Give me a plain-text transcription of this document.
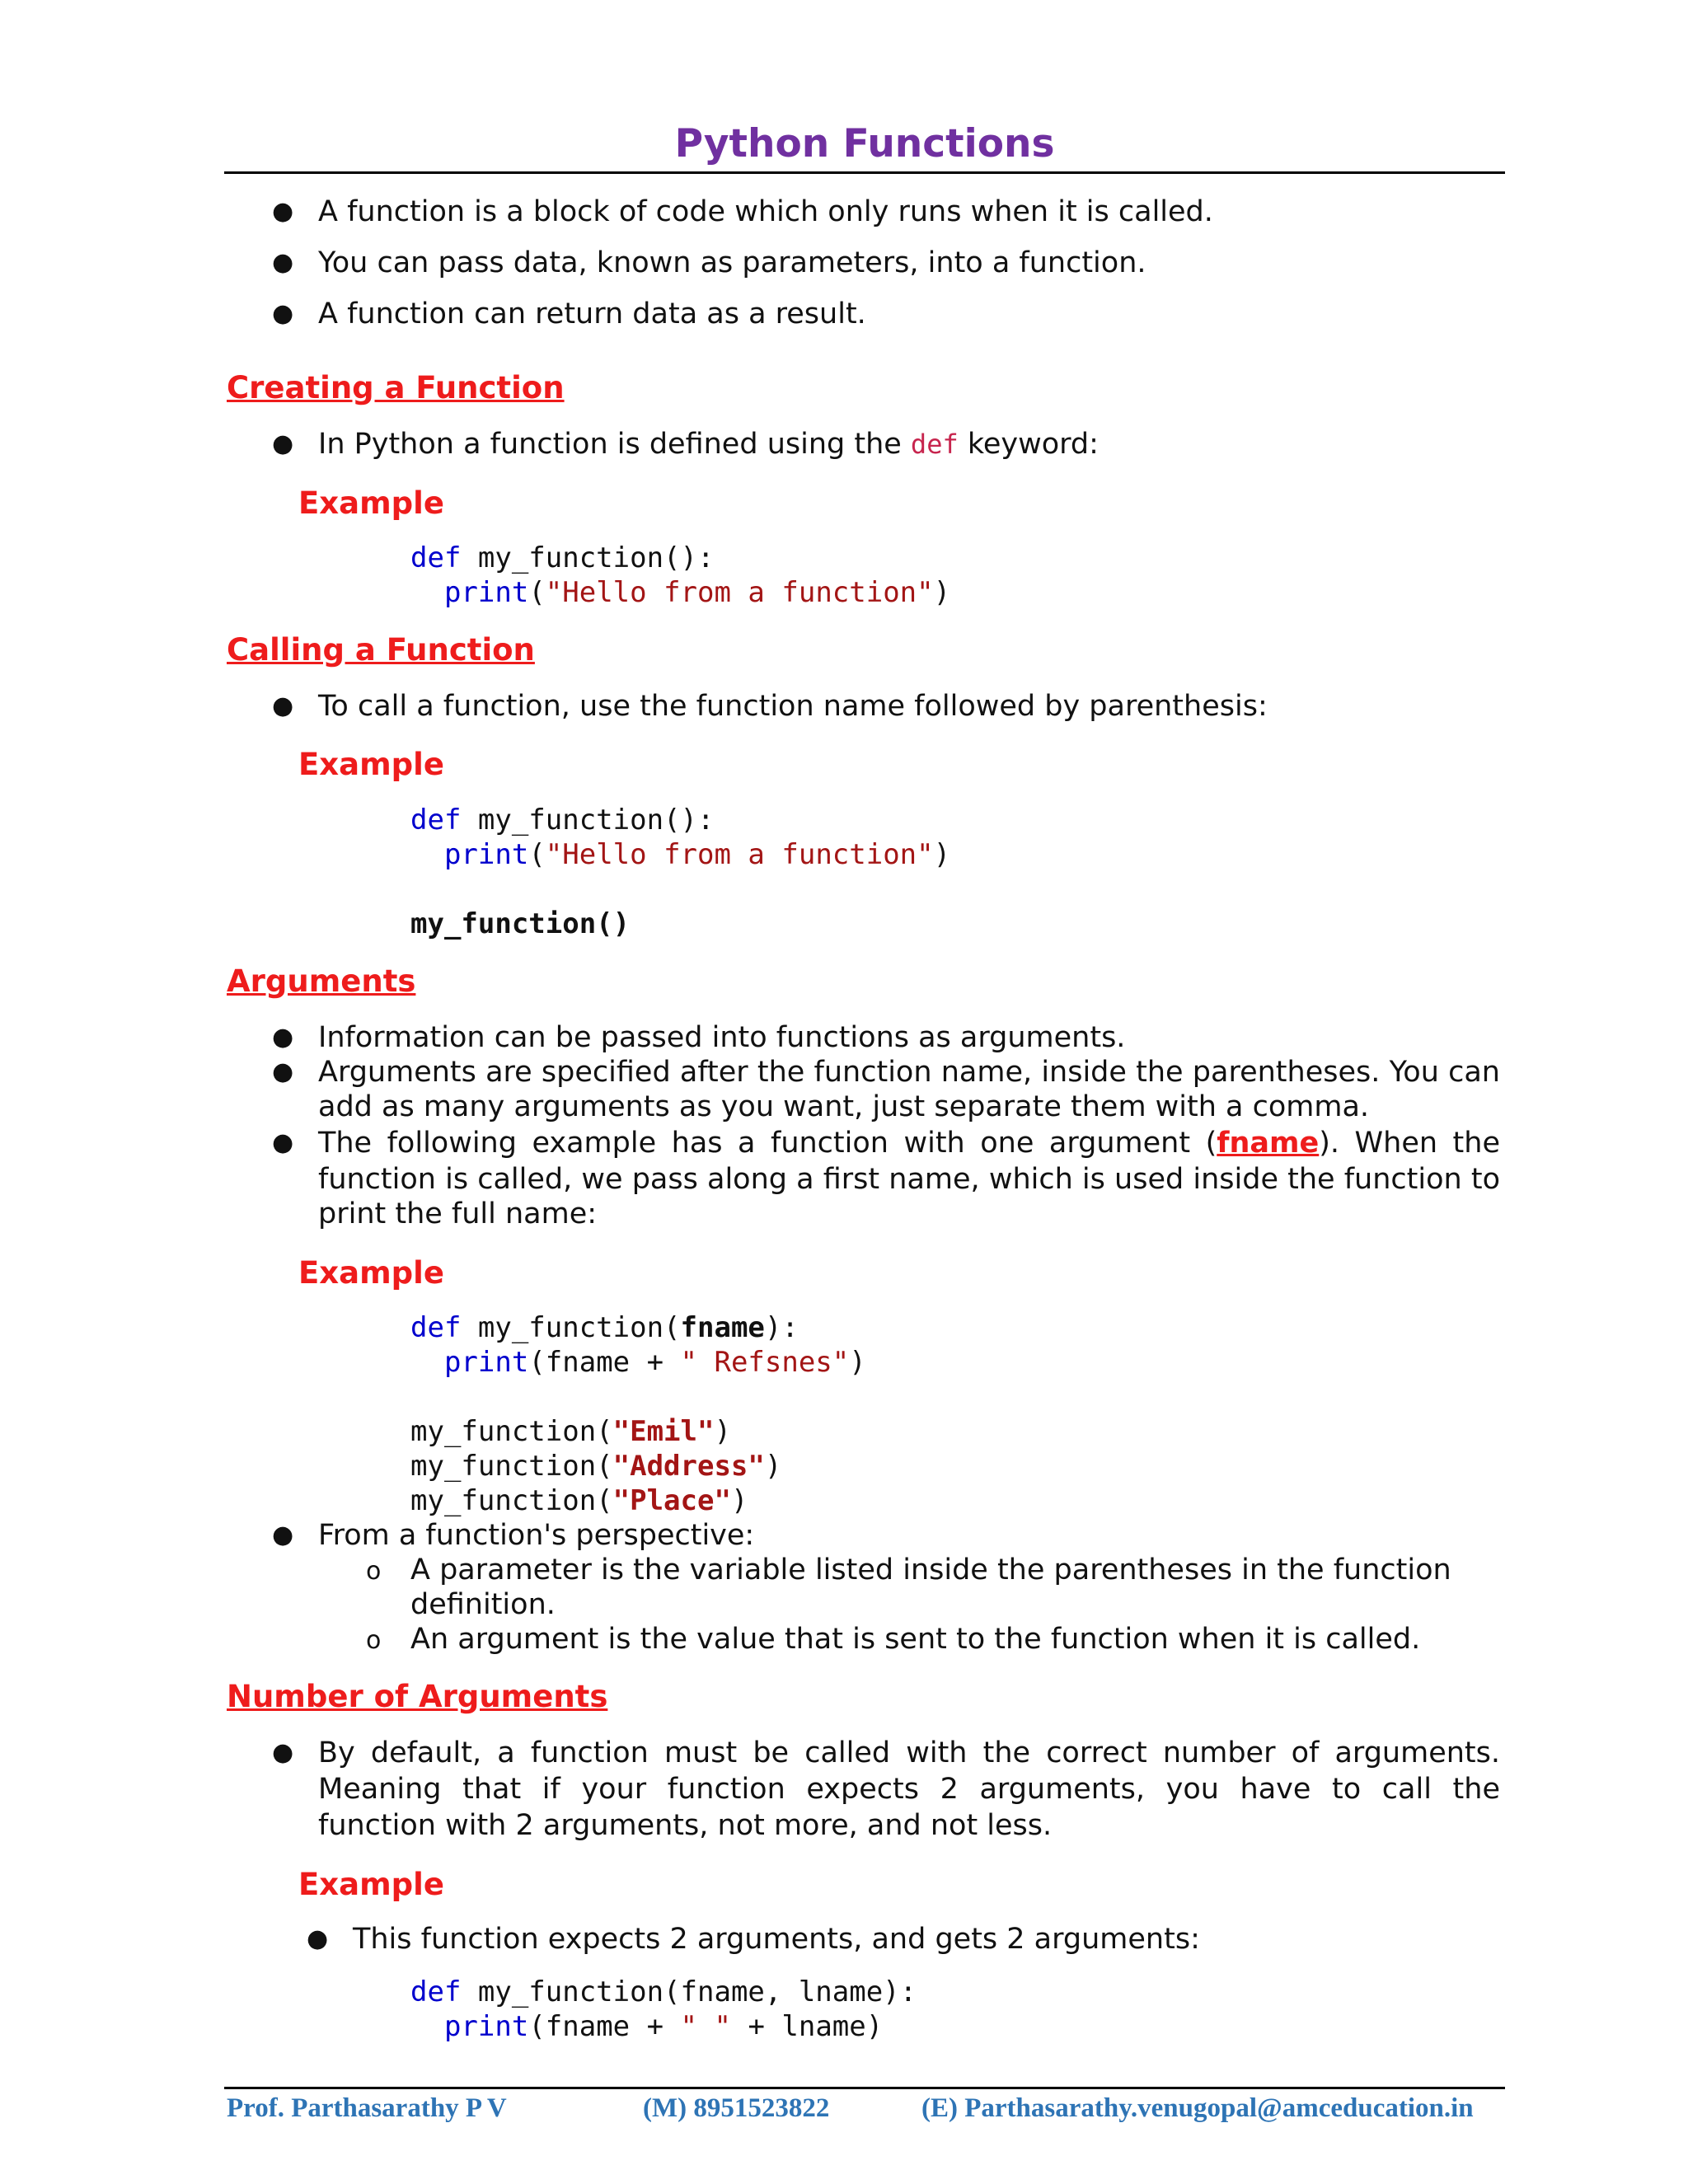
Python Functions
● A function is a block of code which only runs when it is called.
● You can pass data, known as parameters, into a function.
● A function can return data as a result.
Creating a Function
● In Python a function is defined using the def keyword:
Example
def my_function():
print("Hello from a function")
Calling a Function
● To call a function, use the function name followed by parenthesis:
Example
def my_function():
print("Hello from a function")
my_function()
Arguments
● Information can be passed into functions as arguments.
● Arguments are specified after the function name, inside the parentheses. You can
add as many arguments as you want, just separate them with a comma.
● The following example has a function with one argument (fname). When the
function is called, we pass along a first name, which is used inside the function to
print the full name:
Example
def my_function(fname):
print(fname + " Refsnes")
my_function("Emil")
my_function("Address")
my_function("Place")
● From a function's perspective:
o A parameter is the variable listed inside the parentheses in the function
definition.
o An argument is the value that is sent to the function when it is called.
Number of Arguments
● By default, a function must be called with the correct number of arguments.
Meaning that if your function expects 2 arguments, you have to call the
function with 2 arguments, not more, and not less.
Example
● This function expects 2 arguments, and gets 2 arguments:
def my_function(fname, lname):
print(fname + " " + lname)
Prof. Parthasarathy P V	(M) 8951523822	(E) Parthasarathy.venugopal@amceducation.in
